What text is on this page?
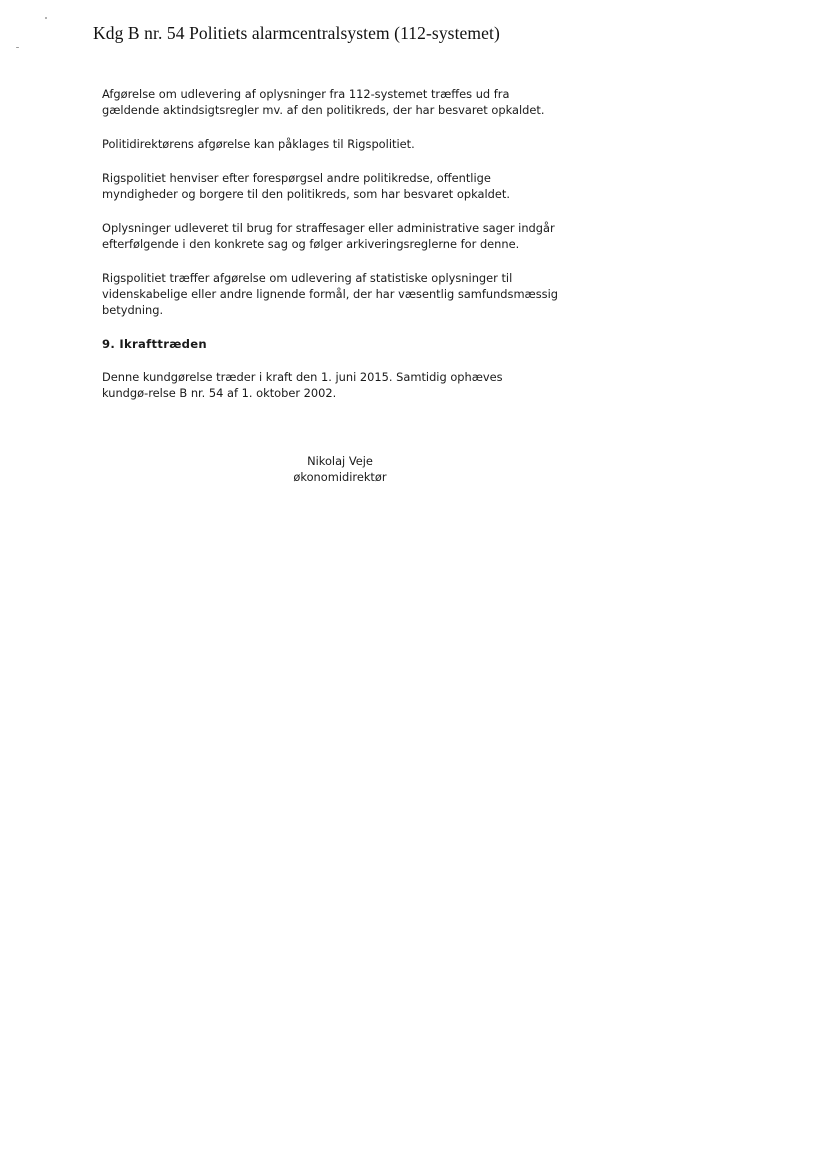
Kdg B nr. 54 Politiets alarmcentralsystem (112-systemet)

Afgørelse om udlevering af oplysninger fra 112-systemet træffes ud fra
gældende aktindsigtsregler mv. af den politikreds, der har besvaret opkaldet.

Politidirektørens afgørelse kan påklages til Rigspolitiet.

Rigspolitiet henviser efter forespørgsel andre politikredse, offentlige
myndigheder og borgere til den politikreds, som har besvaret opkaldet.

Oplysninger udleveret til brug for straffesager eller administrative sager indgår
efterfølgende i den konkrete sag og følger arkiveringsreglerne for denne.

Rigspolitiet træffer afgørelse om udlevering af statistiske oplysninger til
videnskabelige eller andre lignende formål, der har væsentlig samfundsmæssig
betydning.

9. Ikrafttræden

Denne kundgørelse træder i kraft den 1. juni 2015. Samtidig ophæves
kundgø-relse B nr. 54 af 1. oktober 2002.

Nikolaj Veje
økonomidirektør
